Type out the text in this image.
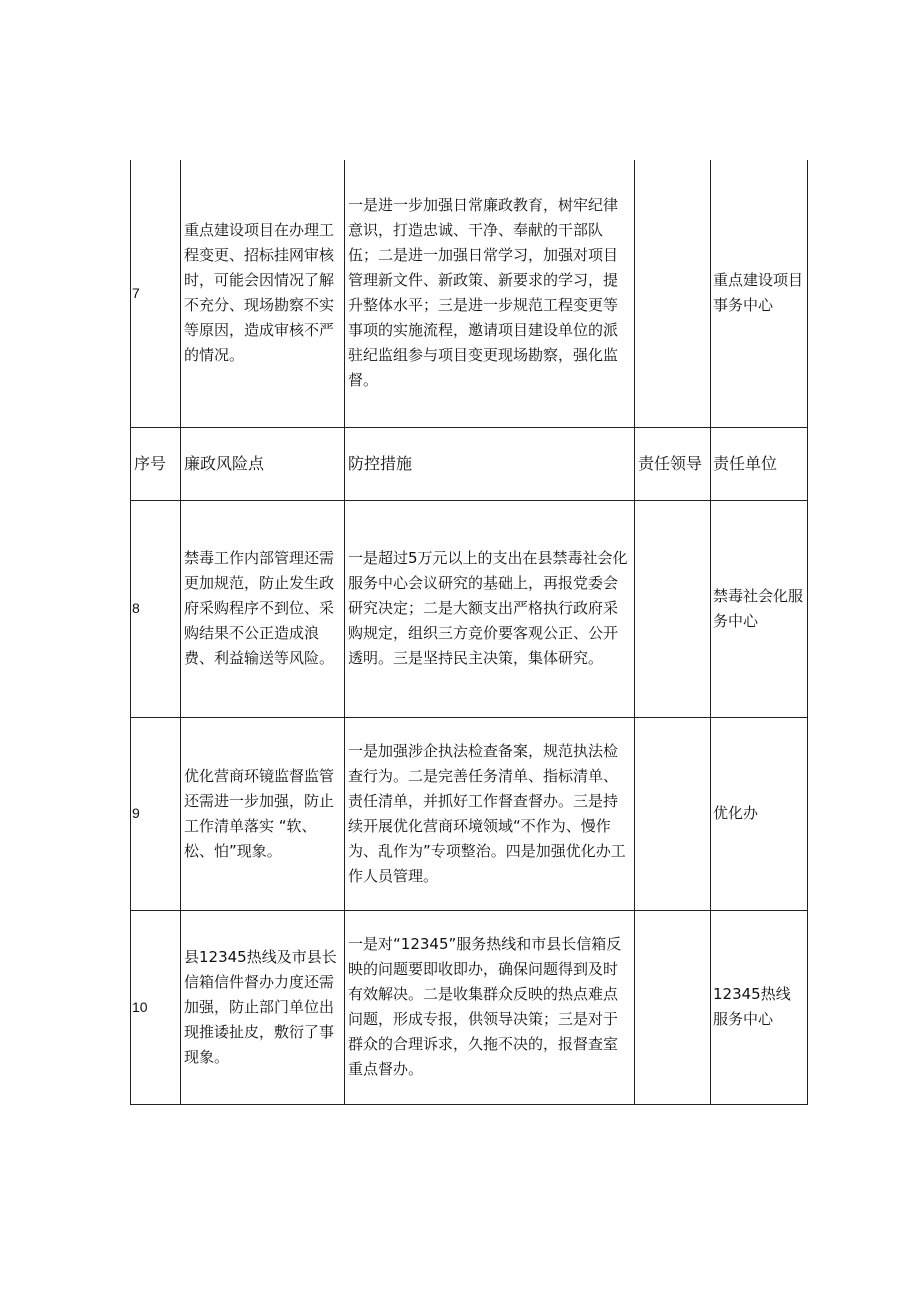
7	重点建设项目在办理工程变更、招标挂网审核时，可能会因情况了解不充分、现场勘察不实等原因，造成审核不严的情况。	一是进一步加强日常廉政教育，树牢纪律意识，打造忠诚、干净、奉献的干部队伍；二是进一加强日常学习，加强对项目管理新文件、新政策、新要求的学习，提升整体水平；三是进一步规范工程变更等事项的实施流程，邀请项目建设单位的派驻纪监组参与项目变更现场勘察，强化监督。		重点建设项目事务中心
序号	廉政风险点	防控措施	责任领导	责任单位
8	禁毒工作内部管理还需更加规范，防止发生政府采购程序不到位、采购结果不公正造成浪费、利益输送等风险。	一是超过5万元以上的支出在县禁毒社会化服务中心会议研究的基础上，再报党委会研究决定；二是大额支出严格执行政府采购规定，组织三方竞价要客观公正、公开透明。三是坚持民主决策，集体研究。		禁毒社会化服务中心
9	优化营商环镜监督监管还需进一步加强，防止工作清单落实 “软、松、怕”现象。	一是加强涉企执法检查备案，规范执法检查行为。二是完善任务清单、指标清单、责任清单，并抓好工作督查督办。三是持续开展优化营商环境领域“不作为、慢作为、乱作为”专项整治。四是加强优化办工作人员管理。		优化办
10	县12345热线及市县长信箱信件督办力度还需加强，防止部门单位出现推诿扯皮，敷衍了事现象。	一是对“12345”服务热线和市县长信箱反映的问题要即收即办，确保问题得到及时有效解决。二是收集群众反映的热点难点问题，形成专报，供领导决策；三是对于群众的合理诉求，久拖不决的，报督查室重点督办。		12345热线服务中心
